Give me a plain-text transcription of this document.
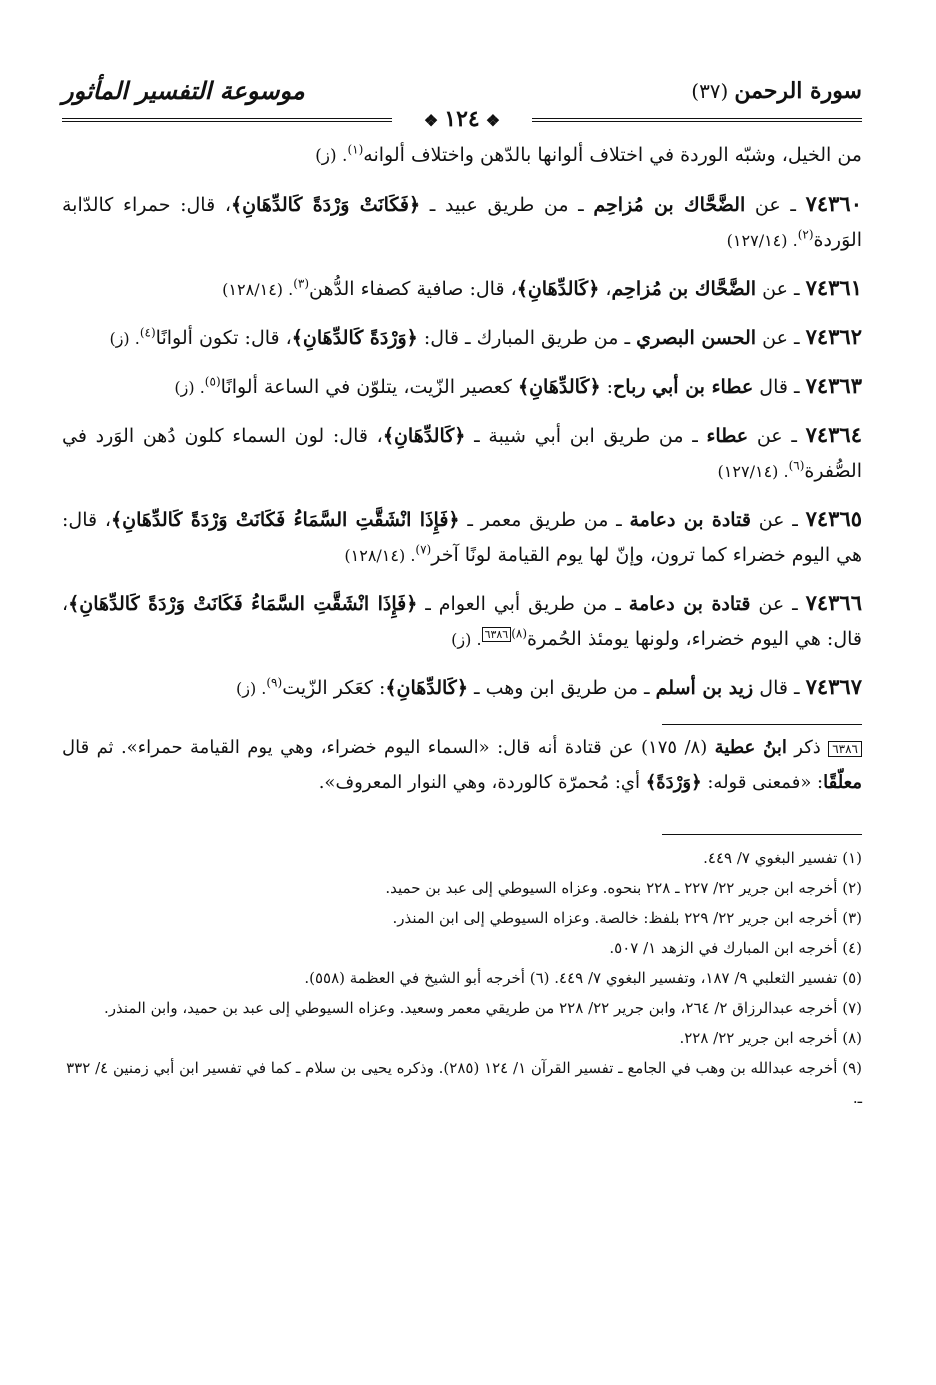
سورة الرحمن(٣٧)
موسوعة التفسير المأثور
❖١٢٤❖
من الخيل، وشبّه الوردة في اختلاف ألوانها بالدّهن واختلاف ألوانه$^{(١)}$. (ز)
٧٤٣٦٠ ـ عن الضَّحَّاك بن مُزاحِم ـ من طريق عبيد ـ ﴿فَكَانَتْ وَرْدَةً كَالدِّهَانِ﴾، قال: حمراء كالدّابة الوَردة$^{(٢)}$. (١٢٧/١٤)
٧٤٣٦١ ـ عن الضَّحَّاك بن مُزاحِم، ﴿كَالدِّهَانِ﴾، قال: صافية كصفاء الدُّهن$^{(٣)}$. (١٢٨/١٤)
٧٤٣٦٢ ـ عن الحسن البصري ـ من طريق المبارك ـ قال: ﴿وَرْدَةً كَالدِّهَانِ﴾، قال: تكون ألوانًا$^{(٤)}$. (ز)
٧٤٣٦٣ ـ قال عطاء بن أبي رباح: ﴿كَالدِّهَانِ﴾ كعصير الزّيت، يتلوّن في الساعة ألوانًا$^{(٥)}$. (ز)
٧٤٣٦٤ ـ عن عطاء ـ من طريق ابن أبي شيبة ـ ﴿كَالدِّهَانِ﴾، قال: لون السماء كلون دُهن الوَرد في الصُّفرة$^{(٦)}$. (١٢٧/١٤)
٧٤٣٦٥ ـ عن قتادة بن دعامة ـ من طريق معمر ـ ﴿فَإِذَا انْشَقَّتِ السَّمَاءُ فَكَانَتْ وَرْدَةً كَالدِّهَانِ﴾، قال: هي اليوم خضراء كما ترون، وإنّ لها يوم القيامة لونًا آخر$^{(٧)}$. (١٢٨/١٤)
٧٤٣٦٦ ـ عن قتادة بن دعامة ـ من طريق أبي العوام ـ ﴿فَإِذَا انْشَقَّتِ السَّمَاءُ فَكَانَتْ وَرْدَةً كَالدِّهَانِ﴾، قال: هي اليوم خضراء، ولونها يومئذ الحُمرة$^{(٨)٦٣٨٦}$. (ز)
٧٤٣٦٧ ـ قال زيد بن أسلم ـ من طريق ابن وهب ـ ﴿كَالدِّهَانِ﴾: كعَكر الزّيت$^{(٩)}$. (ز)
٦٣٨٦ ذكر ابنُ عطية (٨/ ١٧٥) عن قتادة أنه قال: «السماء اليوم خضراء، وهي يوم القيامة حمراء». ثم قال معلّقًا: «فمعنى قوله: ﴿وَرْدَةً﴾ أي: مُحمرّة كالوردة، وهي النوار المعروف».

(١) تفسير البغوي ٧/ ٤٤٩.

(٢) أخرجه ابن جرير ٢٢/ ٢٢٧ ـ ٢٢٨ بنحوه. وعزاه السيوطي إلى عبد بن حميد.

(٣) أخرجه ابن جرير ٢٢/ ٢٢٩ بلفظ: خالصة. وعزاه السيوطي إلى ابن المنذر.

(٤) أخرجه ابن المبارك في الزهد ١/ ٥٠٧.

(٥) تفسير الثعلبي ٩/ ١٨٧، وتفسير البغوي ٧/ ٤٤٩. (٦) أخرجه أبو الشيخ في العظمة (٥٥٨).

(٧) أخرجه عبدالرزاق ٢/ ٢٦٤، وابن جرير ٢٢/ ٢٢٨ من طريقي معمر وسعيد. وعزاه السيوطي إلى عبد بن حميد، وابن المنذر.

(٨) أخرجه ابن جرير ٢٢/ ٢٢٨.

(٩) أخرجه عبدالله بن وهب في الجامع ـ تفسير القرآن ١/ ١٢٤ (٢٨٥). وذكره يحيى بن سلام ـ كما في تفسير ابن أبي زمنين ٤/ ٣٣٢ ـ.
